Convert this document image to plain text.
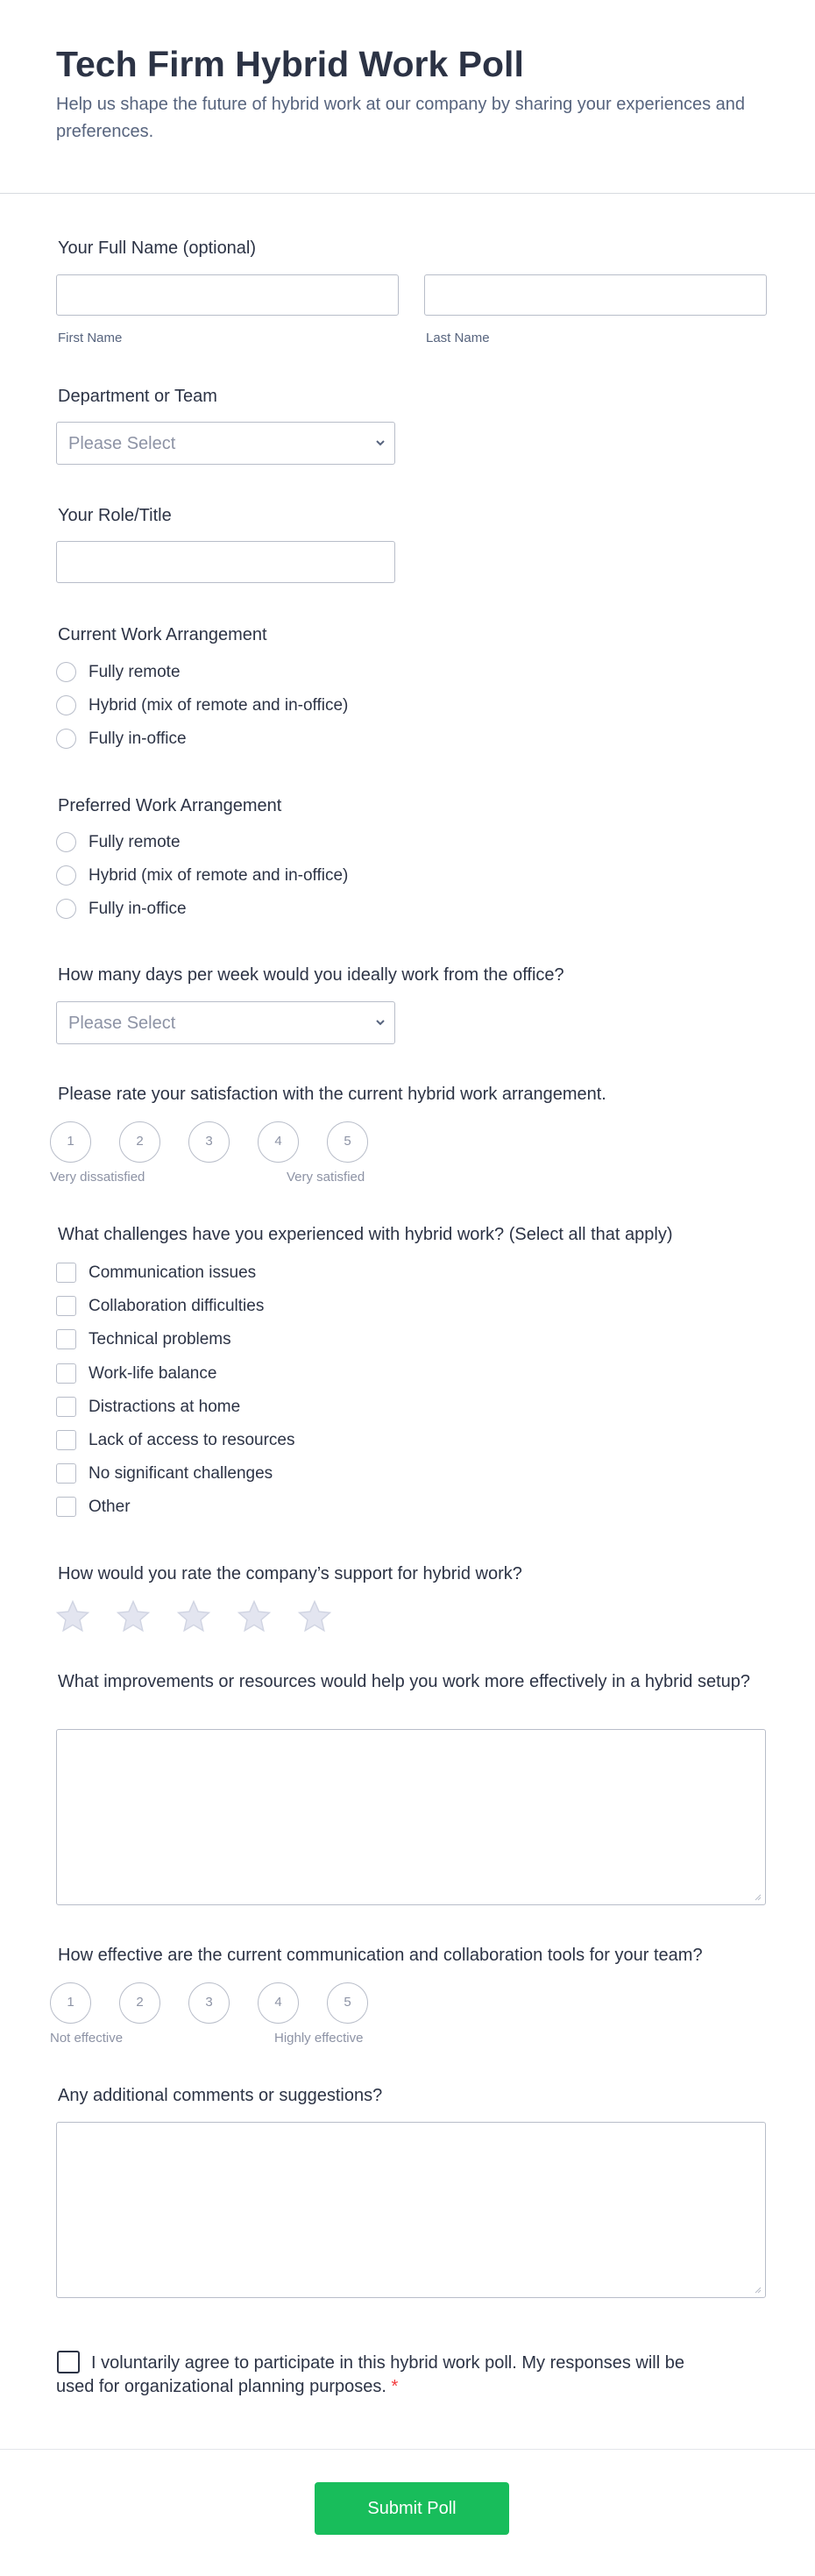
Tech Firm Hybrid Work Poll
Help us shape the future of hybrid work at our company by sharing your experiences and preferences.
Your Full Name (optional)
First Name	Last Name
Department or Team
Please Select
Your Role/Title
Current Work Arrangement
Fully remote
Hybrid (mix of remote and in-office)
Fully in-office
Preferred Work Arrangement
Fully remote
Hybrid (mix of remote and in-office)
Fully in-office
How many days per week would you ideally work from the office?
Please Select
Please rate your satisfaction with the current hybrid work arrangement.
1	2	3	4	5
Very dissatisfied	Very satisfied
What challenges have you experienced with hybrid work? (Select all that apply)
Communication issues
Collaboration difficulties
Technical problems
Work-life balance
Distractions at home
Lack of access to resources
No significant challenges
Other
How would you rate the company’s support for hybrid work?
What improvements or resources would help you work more effectively in a hybrid setup?
How effective are the current communication and collaboration tools for your team?
1	2	3	4	5
Not effective	Highly effective
Any additional comments or suggestions?
I voluntarily agree to participate in this hybrid work poll. My responses will be used for organizational planning purposes. *
Submit Poll
